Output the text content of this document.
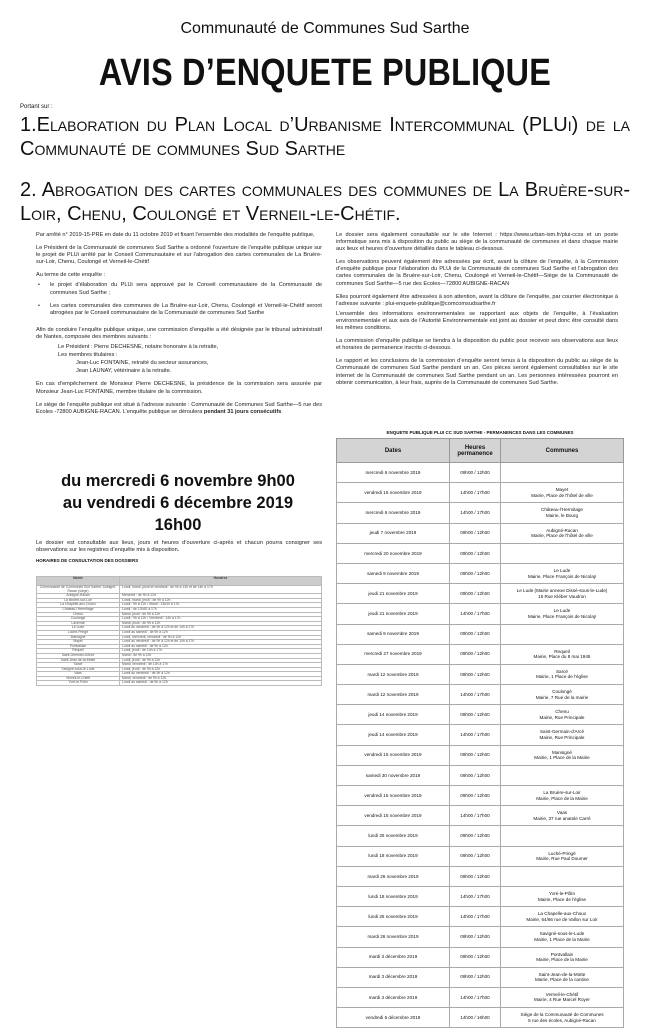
Communauté de Communes Sud Sarthe
AVIS D’ENQUETE PUBLIQUE
Portant sur :
1.Elaboration du Plan Local d’Urbanisme Intercommunal (PLUi) de la Communauté de communes Sud Sarthe
2. Abrogation des cartes communales des communes de La Bruère-sur-Loir, Chenu, Coulongé et Verneil-le-Chétif.

Par arrêté n° 2019-15-PRE en date du 11 octobre 2019 et fixant l’ensemble des modalités de l’enquête publique,

Le Président de la Communauté de communes Sud Sarthe a ordonné l’ouverture de l’enquête publique unique sur le projet de PLUi arrêté par le Conseil Communautaire et sur l’abrogation des cartes communales de La Bruère-sur-Loir, Chenu, Coulongé et Verneil-le-Chétif

Au terme de cette enquête :

• le projet d’élaboration du PLUi sera approuvé par le Conseil communautaire de la Communauté de communes Sud Sarthe ;

• Les cartes communales des communes de La Bruère-sur-Loir, Chenu, Coulongé et Verneil-le-Chétif seront abrogées par le Conseil communautaire de la Communauté de communes Sud Sarthe

Afin de conduire l’enquête publique unique, une commission d’enquête a été désignée par le tribunal administratif de Nantes, composée des membres suivants :

Le Président : Pierre DECHESNE, notaire honoraire à la retraite,

Les membres titulaires :

Jean-Luc FONTAINE, retraité du secteur assurances,

Jean LAUNAY, vétérinaire à la retraite.

En cas d’empêchement de Monsieur Pierre DECHESNE, la présidence de la commission sera assurée par Monsieur Jean-Luc FONTAINE, membre titulaire de la commission.

Le siège de l’enquête publique est situé à l’adresse suivante : Communauté de Communes Sud Sarthe—5 rue des Ecoles -72800 AUBIGNE-RACAN. L’enquête publique se déroulera pendant 31 jours consécutifs

du mercredi 6 novembre 9h00
au vendredi 6 décembre 2019
16h00

Le dossier est consultable aux lieux, jours et heures d’ouverture ci-après et chacun pourra consigner ses observations sur les registres d’enquête mis à disposition.

HORAIRES DE CONSULTATION DES DOSSIERS
Mairie	Horaires
Communauté de Communes Sud Sarthe, Aubigné-Racan (siège)	Lundi, mardi, jeudi et vendredi : de 9h à 12h et de 14h à 17h
Aubigné-Racan	Mercredi : de 9h à 12h
La Bruère-sur-Loir	Lundi, mardi, jeudi : de 9h à 12h
La Chapelle-aux-Choux	Lundi : 9h à 12h / Mardi : 13h30 à 17h
Château-l'Hermitage	Lundi : de 13h30 à 17h
Chenu	Mardi, jeudi : de 9h à 12h
Coulongé	Lundi : 9h à 12h / Vendredi : 14h à 17h
Lavernat	Mardi, jeudi : de 9h à 12h
Le Lude	Lundi au vendredi : de 9h à 12h et de 14h à 17h
Luché-Pringé	Lundi au samedi : de 9h à 12h
Mansigné	Lundi, mercredi, vendredi : de 9h à 12h
Mayet	Lundi au vendredi : de 9h à 12h et de 14h à 17h
Pontvallain	Lundi au samedi : de 9h à 12h
Requeil	Lundi, jeudi : de 14h à 17h
Saint-Germain-d'Arcé	Mardi : de 9h à 12h
Saint-Jean-de-la-Motte	Lundi, jeudi : de 9h à 12h
Sarcé	Mardi, vendredi : de 14h à 17h
Savigné-sous-le-Lude	Lundi, jeudi : de 9h à 12h
Vaas	Lundi au vendredi : de 9h à 12h
Verneil-le-Chétif	Mardi, vendredi : de 9h à 12h
Yvré-le-Pôlin	Lundi au samedi : de 9h à 12h

Le dossier sera également consultable sur le site Internet : https://www.urban-ism.fr/plui-ccss et un poste informatique sera mis à disposition du public au siège de la communauté de communes et dans chaque mairie aux lieux et heures d’ouverture détaillés dans le tableau ci-dessous.

Les observations peuvent également être adressées par écrit, avant la clôture de l’enquête, à la Commission d’enquête publique pour l’élaboration du PLUi de la Communauté de communes Sud Sarthe et l’abrogation des cartes communales de la Bruère-sur-Loir, Chenu, Coulongé et Verneil-le-Chétif—Siège de la Communauté de communes Sud Sarthe—5 rue des Ecoles—72800 AUBIGNE-RACAN

Elles pourront également être adressées à son attention, avant la clôture de l’enquête, par courrier électronique à l’adresse suivante : plui-enquete-publique@comcomsudsarthe.fr

L’ensemble des informations environnementales se rapportant aux objets de l’enquête, à l’évaluation environnementale et aux avis de l’Autorité Environnementale est joint au dossier et peut donc être consulté dans les mêmes conditions.

La commission d’enquête publique se tiendra à la disposition du public pour recevoir ses observations aux lieux et horaires de permanence inscrits ci-dessous.

Le rapport et les conclusions de la commission d’enquête seront tenus à la disposition du public au siège de la Communauté de communes Sud Sarthe pendant un an. Ces pièces seront également consultables sur le site internet de la Communauté de communes Sud Sarthe pendant un an. Les personnes intéressées pourront en obtenir communication, à leur frais, auprès de la Communauté de communes Sud Sarthe.

ENQUETE PUBLIQUE PLUI CC SUD SARTHE - PERMANENCES DANS LES COMMUNES
Dates	Heures permanence	Communes
mercredi 6 novembre 2019	09h00 / 12h00	
vendredi 15 novembre 2019	14h00 / 17h00	Mayet
Mairie, Place de l'hôtel de ville
mercredi 6 novembre 2019	14h00 / 17h00	Château-l'Hermitage
Mairie, le Bourg
jeudi 7 novembre 2019	09h00 / 12h00	Aubigné-Racan
Mairie, Place de l'hôtel de ville
mercredi 20 novembre 2019	09h00 / 12h00	
samedi 9 novembre 2019	09h00 / 12h00	Le Lude
Mairie, Place François de Nicolaÿ
jeudi 21 novembre 2019	09h00 / 12h00	Le Lude (Mairie annexe Dissé-sous-le-Lude)
15 Rue Kléber Vaudron
jeudi 21 novembre 2019	14h00 / 17h00	Le Lude
Mairie, Place François de Nicolaÿ
samedi 9 novembre 2019	09h00 / 12h00	
mercredi 27 novembre 2019	09h00 / 12h00	Requeil
Mairie, Place du 8 mai 1945
mardi 12 novembre 2019	09h00 / 12h00	Sarcé
Mairie, 1 Place de l'église
mardi 12 novembre 2019	14h00 / 17h00	Coulongé
Mairie, 7 Rue de la mairie
jeudi 14 novembre 2019	09h00 / 12h00	Chenu
Mairie, Rue Principale
jeudi 14 novembre 2019	14h00 / 17h00	Saint-Germain-d'Arcé
Mairie, Rue Principale
vendredi 15 novembre 2019	09h00 / 12h00	Mansigné
Mairie, 1 Place de la Mairie
samedi 30 novembre 2019	09h00 / 12h00	
vendredi 15 novembre 2019	09h00 / 12h00	La Bruère-sur-Loir
Mairie, Place de la Mairie
vendredi 15 novembre 2019	14h00 / 17h00	Vaas
Mairie, 37 rue anatole Carré
lundi 25 novembre 2019	09h00 / 12h00	
lundi 18 novembre 2019	09h00 / 12h00	Luché-Pringé
Mairie, Rue Paul Doumer
mardi 26 novembre 2019	09h00 / 12h00	
lundi 18 novembre 2019	14h00 / 17h00	Yvré-le-Pôlin
Mairie, Place de l'église
lundi 25 novembre 2019	14h00 / 17h00	La Chapelle-aux-Choux
Mairie, 64/66 rue de Vallon sur Loir
mardi 26 novembre 2019	09h00 / 12h00	Savigné-sous-le-Lude
Mairie, 1 Place de la Mairie
mardi 3 décembre 2019	09h00 / 12h00	Pontvallain
Mairie, Place de la Mairie
mardi 3 décembre 2019	09h00 / 12h00	Saint-Jean-de-la-Motte
Mairie, Place de la cantine
mardi 3 décembre 2019	14h00 / 17h00	Verneil-le-Chétif
Mairie, 4 Rue Marcel Royer
vendredi 6 décembre 2019	14h00 / 16h00	Siège de la Communauté de Communes
5 rue des écoles, Aubigné-Racan
